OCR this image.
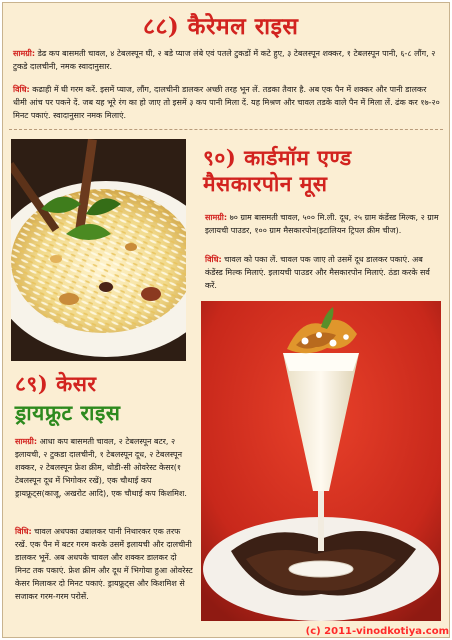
८८) कैरेमल राइस

सामग्री: डेढ कप बासमती चावल, ४ टेबलस्पून घी, २ बडे प्याज लंबे एवं पतले टुकडों में कटे हुए, ३ टेबलस्पून शक्कर, १ टेबलस्पून पानी, ६-८ लौंग, २ टुकडे दालचीनी, नमक स्वादानुसार.

विधि: कढाही में घी गरम करें. इसमें प्याज, लौंग, दालचीनी डालकर अच्छी तरह भून लें. तडका तैवार है. अब एक पैन में शक्कर और पानी डालकर धीमी आंच पर पकने दें. जब यह भूरे रंग का हो जाए तो इसमें ३ कप पानी मिला दें. यह मिश्रण और चावल तडके वाले पैन में मिला लें. ढंक कर १७-२० मिनट पकाएं. स्वादानुसार नमक मिलाएं.

९०) कार्डमॉम एण्ड
मैसकारपोन मूस

सामग्री: ७० ग्राम बासमती चावल, ५०० मि.ली. दूध, २५ ग्राम कंडेंस्ड मिल्क, २ ग्राम इलायची पाउडर, १०० ग्राम मैसकारपोन(इटालियन ट्रिपल क्रीम चीज).

विधि: चावल को पका लें. चावल पक जाए तो उसमें दूध डालकर पकाएं. अब कंडेंस्ड मिल्क मिलाएं. इलायची पाउडर और मैसकारपोन मिलाएं. ठंडा करके सर्व करें.

८९) केसर
ड्रायफ्रूट राइस

सामग्री: आधा कप बासमती चावल, २ टेबलस्पून बटर, २ इलायची, २ टुकडा दालचीनी, १ टेबलस्पून दूध, २ टेबलस्पून शक्कर, २ टेबलस्पून फ्रेश क्रीम, थोडी-सी ओवरेस्ट केसर(१ टेबलस्पून दूध में भिगोकर रखें), एक चौथाई कप ड्रायफ्रूट्स(काजू, अखरोट आदि), एक चौथाई कप किशमिश.

विधि: चावल अधपका उबालकर पानी निथारकर एक तरफ रखें. एक पैन में बटर गरम करके उसमें इलायची और दालचीनी डालकर भूनें. अब अधपके चावल और शक्कर डालकर दो मिनट तक पकाएं. फ्रेश क्रीम और दूध में भिगोया हुआ ओवरेस्ट केसर मिलाकर दो मिनट पकाएं. ड्रायफ्रूट्स और किशमिश से सजाकर गरम-गरम परोसें.

(c) 2011-vinodkotiya.com
